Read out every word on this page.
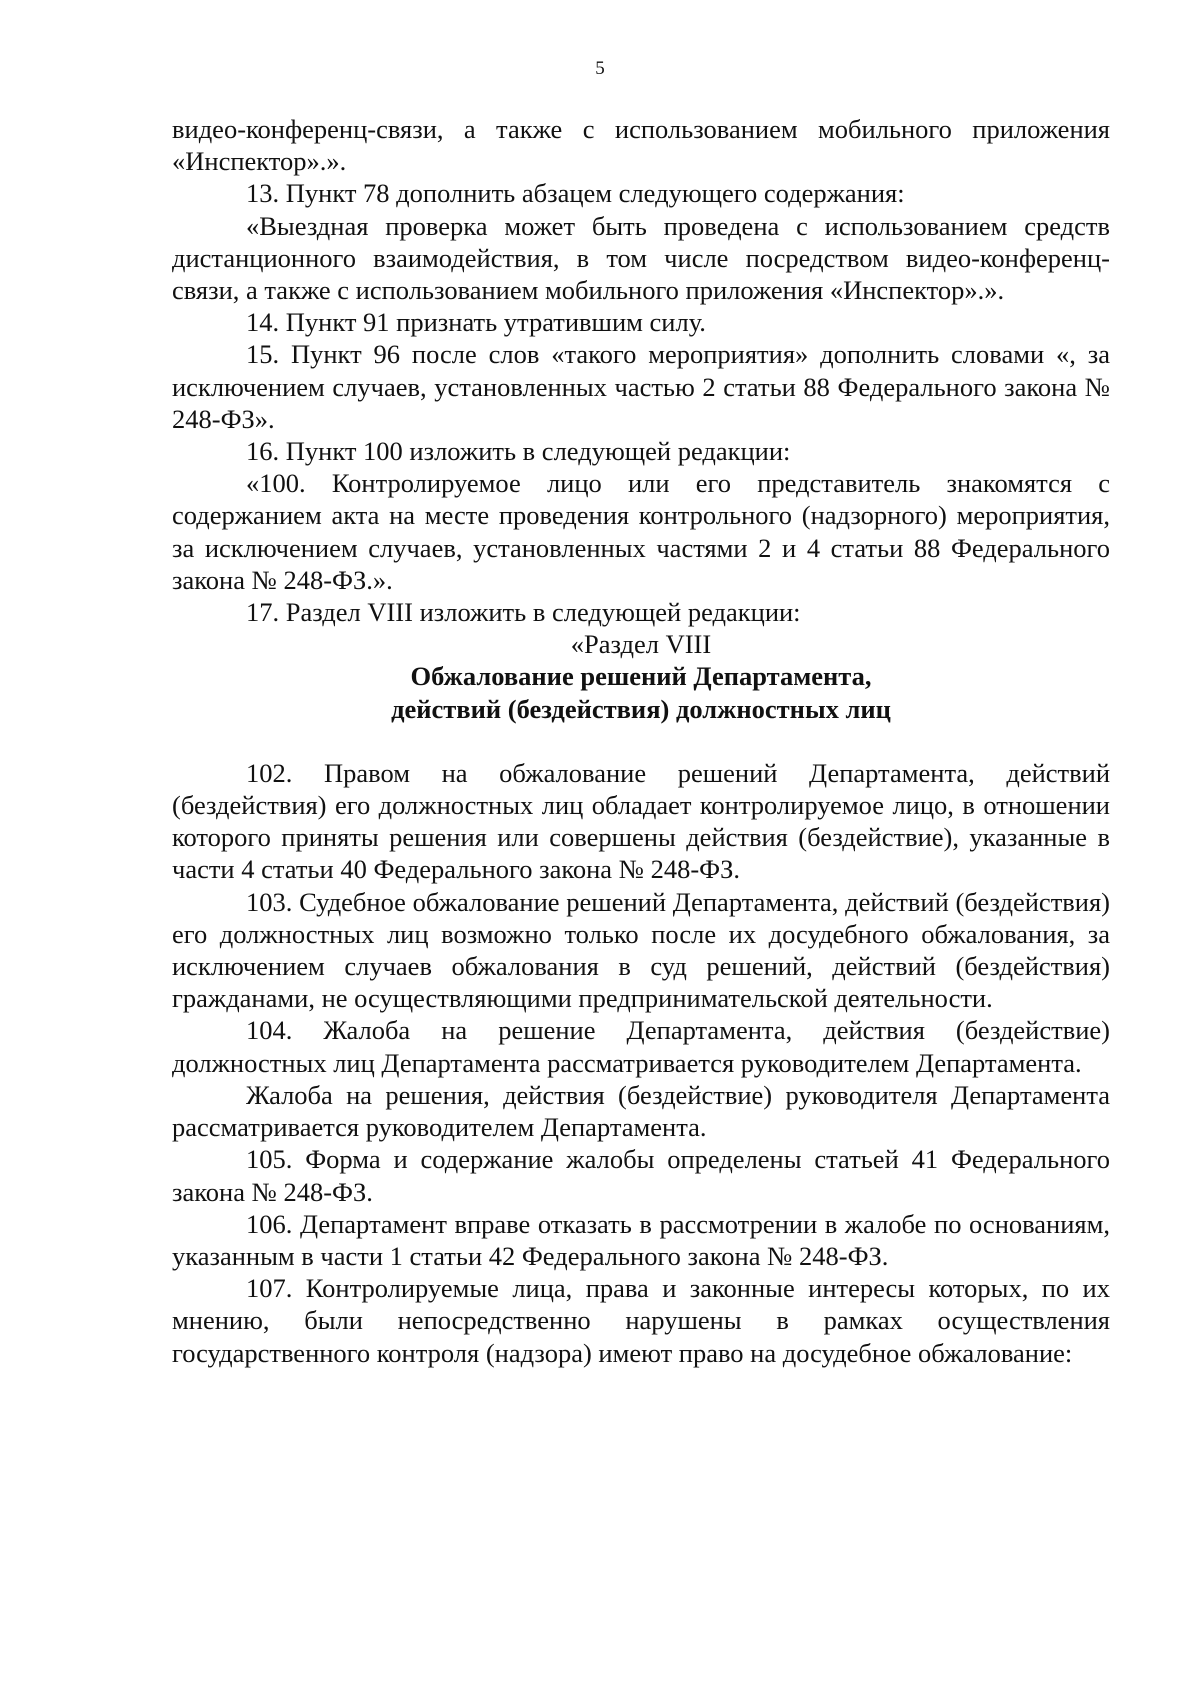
5

видео-конференц-связи, а также с использованием мобильного приложения «Инспектор».».

13. Пункт 78 дополнить абзацем следующего содержания:

«Выездная проверка может быть проведена с использованием средств дистанционного взаимодействия, в том числе посредством видео-конференц-связи, а также с использованием мобильного приложения «Инспектор».».

14. Пункт 91 признать утратившим силу.

15. Пункт 96 после слов «такого мероприятия» дополнить словами «, за исключением случаев, установленных частью 2 статьи 88 Федерального закона № 248-ФЗ».

16. Пункт 100 изложить в следующей редакции:

«100. Контролируемое лицо или его представитель знакомятся с содержанием акта на месте проведения контрольного (надзорного) мероприятия, за исключением случаев, установленных частями 2 и 4 статьи 88 Федерального закона № 248-ФЗ.».

17. Раздел VIII изложить в следующей редакции:

«Раздел VIII

Обжалование решений Департамента,

действий (бездействия) должностных лиц

102. Правом на обжалование решений Департамента, действий (бездействия) его должностных лиц обладает контролируемое лицо, в отношении которого приняты решения или совершены действия (бездействие), указанные в части 4 статьи 40 Федерального закона № 248-ФЗ.

103. Судебное обжалование решений Департамента, действий (бездействия) его должностных лиц возможно только после их досудебного обжалования, за исключением случаев обжалования в суд решений, действий (бездействия) гражданами, не осуществляющими предпринимательской деятельности.

104. Жалоба на решение Департамента, действия (бездействие) должностных лиц Департамента рассматривается руководителем Департамента.

Жалоба на решения, действия (бездействие) руководителя Департамента рассматривается руководителем Департамента.

105. Форма и содержание жалобы определены статьей 41 Федерального закона № 248-ФЗ.

106. Департамент вправе отказать в рассмотрении в жалобе по основаниям, указанным в части 1 статьи 42 Федерального закона № 248-ФЗ.

107. Контролируемые лица, права и законные интересы которых, по их мнению, были непосредственно нарушены в рамках осуществления государственного контроля (надзора) имеют право на досудебное обжалование:
